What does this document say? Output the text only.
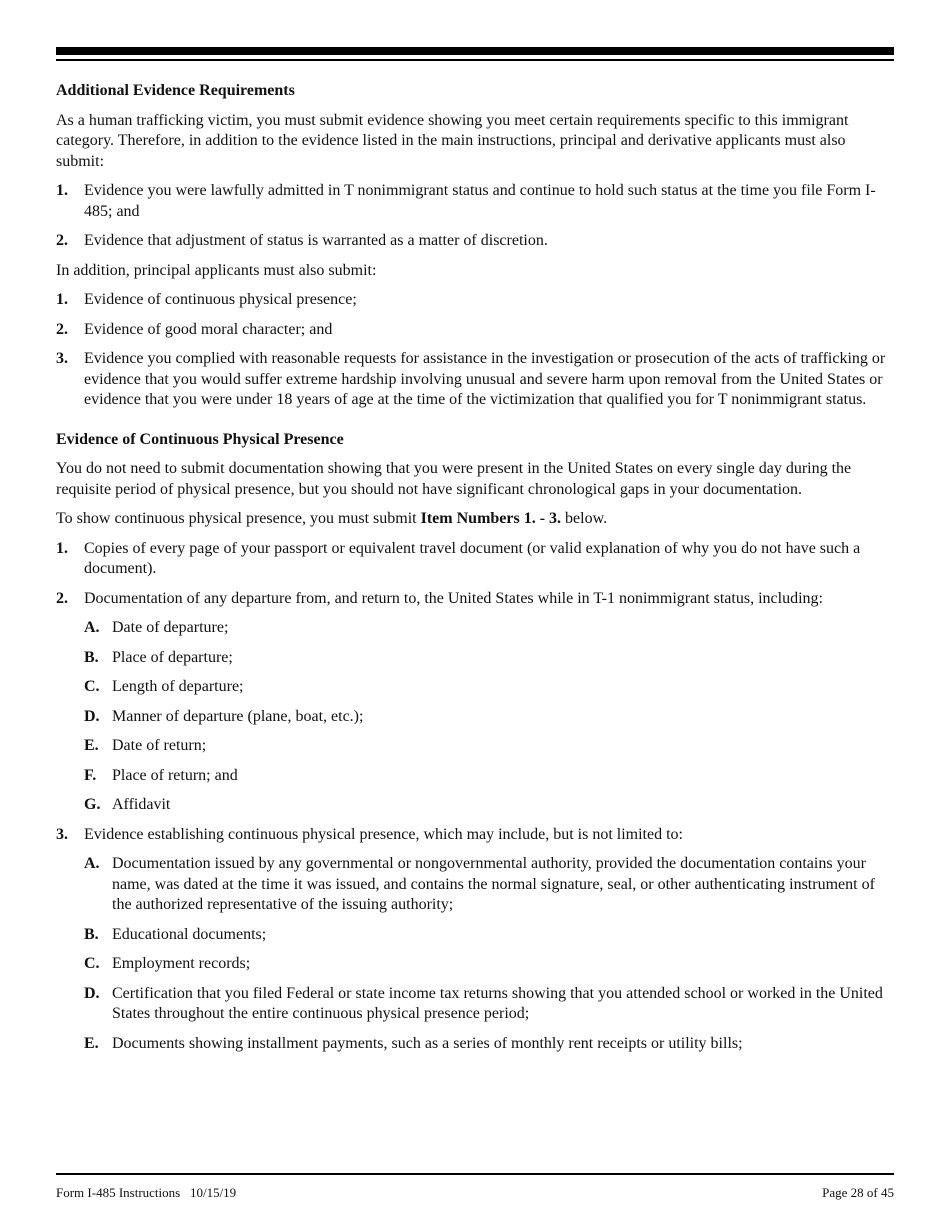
Additional Evidence Requirements

As a human trafficking victim, you must submit evidence showing you meet certain requirements specific to this immigrant category. Therefore, in addition to the evidence listed in the main instructions, principal and derivative applicants must also submit:

1. Evidence you were lawfully admitted in T nonimmigrant status and continue to hold such status at the time you file Form I-485; and
2. Evidence that adjustment of status is warranted as a matter of discretion.

In addition, principal applicants must also submit:

1. Evidence of continuous physical presence;
2. Evidence of good moral character; and
3. Evidence you complied with reasonable requests for assistance in the investigation or prosecution of the acts of trafficking or evidence that you would suffer extreme hardship involving unusual and severe harm upon removal from the United States or evidence that you were under 18 years of age at the time of the victimization that qualified you for T nonimmigrant status.
Evidence of Continuous Physical Presence

You do not need to submit documentation showing that you were present in the United States on every single day during the requisite period of physical presence, but you should not have significant chronological gaps in your documentation.

To show continuous physical presence, you must submit Item Numbers 1. - 3. below.

1. Copies of every page of your passport or equivalent travel document (or valid explanation of why you do not have such a document).
2. Documentation of any departure from, and return to, the United States while in T-1 nonimmigrant status, including:
A. Date of departure;
B. Place of departure;
C. Length of departure;
D. Manner of departure (plane, boat, etc.);
E. Date of return;
F. Place of return; and
G. Affidavit
3. Evidence establishing continuous physical presence, which may include, but is not limited to:
A. Documentation issued by any governmental or nongovernmental authority, provided the documentation contains your name, was dated at the time it was issued, and contains the normal signature, seal, or other authenticating instrument of the authorized representative of the issuing authority;
B. Educational documents;
C. Employment records;
D. Certification that you filed Federal or state income tax returns showing that you attended school or worked in the United States throughout the entire continuous physical presence period;
E. Documents showing installment payments, such as a series of monthly rent receipts or utility bills;
Form I-485 Instructions   10/15/19	Page 28 of 45
